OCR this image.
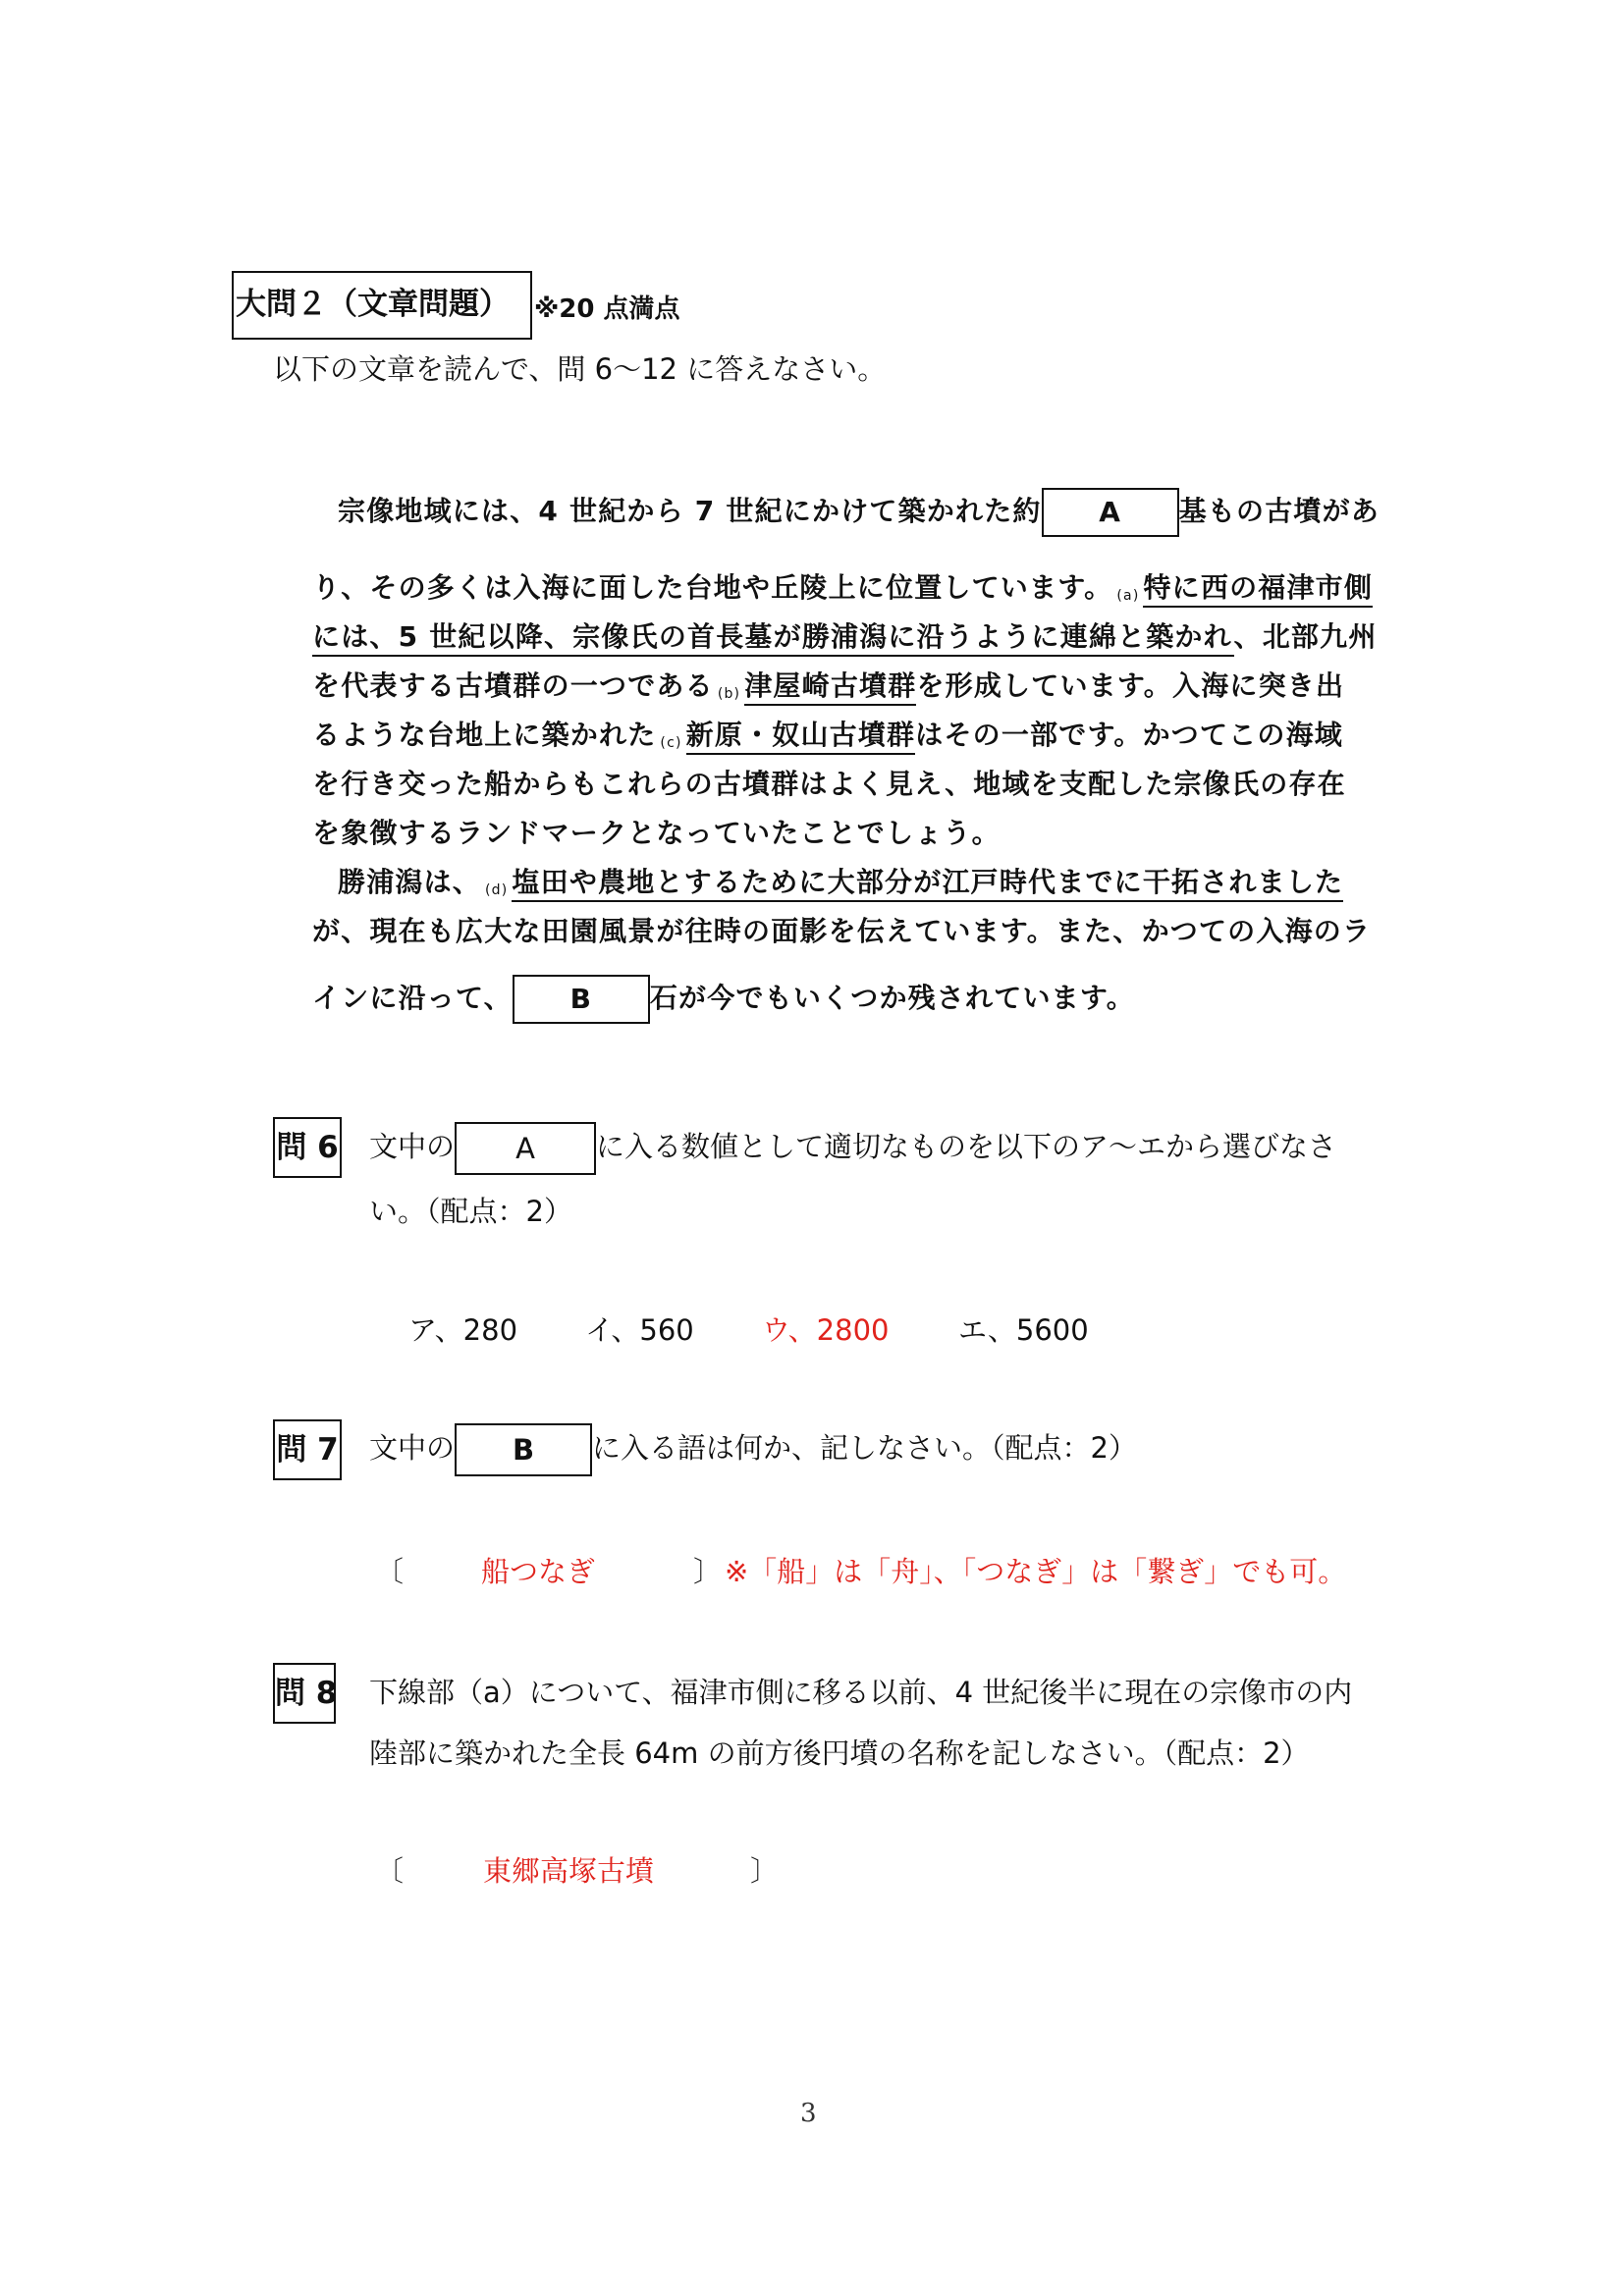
大問２（文章問題） ※20 点満点
以下の文章を読んで、問 6～12 に答えなさい。
宗像地域には、4 世紀から 7 世紀にかけて築かれた約 A 基もの古墳があ
り、その多くは入海に面した台地や丘陵上に位置しています。 $_{(a)}$ 特に西の福津市側
には、5 世紀以降、宗像氏の首長墓が勝浦潟に沿うように連綿と築かれ、北部九州
を代表する古墳群の一つである $_{(b)}$ 津屋崎古墳群を形成しています。入海に突き出
るような台地上に築かれた $_{(c)}$ 新原・奴山古墳群はその一部です。かつてこの海域
を行き交った船からもこれらの古墳群はよく見え、地域を支配した宗像氏の存在
を象徴するランドマークとなっていたことでしょう。
勝浦潟は、 $_{(d)}$ 塩田や農地とするために大部分が江戸時代までに干拓されました
が、現在も広大な田園風景が往時の面影を伝えています。また、かつての入海のラ
インに沿って、 B 石が今でもいくつか残されています。
問 6 文中の A に入る数値として適切なものを以下のア～エから選びなさ
い。（配点：2）
ア、280 イ、560 ウ、2800 エ、5600
問 7 文中の B に入る語は何か、記しなさい。（配点：2）
〔	船つなぎ	〕 ※「船」は「舟」、「つなぎ」は「繋ぎ」でも可。
問 8 下線部（a）について、福津市側に移る以前、4 世紀後半に現在の宗像市の内
陸部に築かれた全長 64m の前方後円墳の名称を記しなさい。（配点：2）
〔	東郷高塚古墳	〕
3
